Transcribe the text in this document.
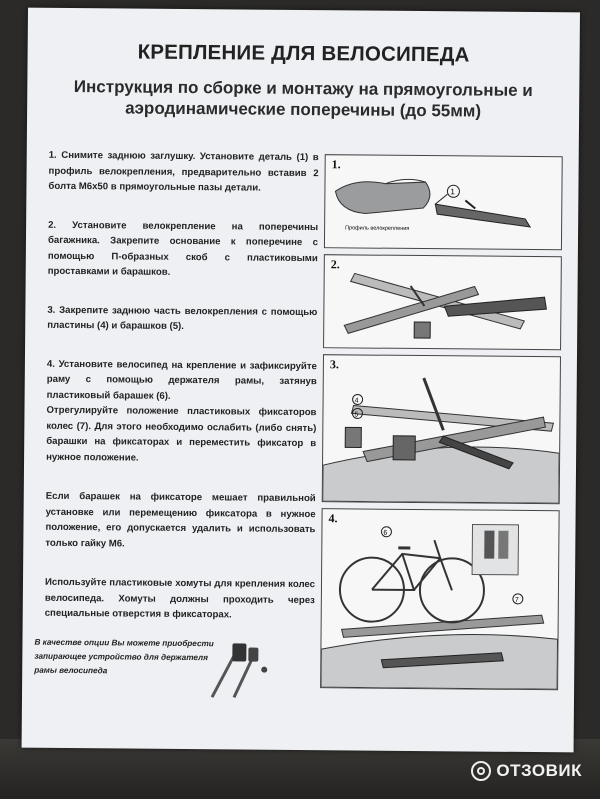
КРЕПЛЕНИЕ ДЛЯ ВЕЛОСИПЕДА
Инструкция по сборке и монтажу на прямоугольные и аэродинамические поперечины (до 55мм)

1. Снимите заднюю заглушку. Установите деталь (1) в профиль велокрепления, предварительно вставив 2 болта М6х50 в прямоугольные пазы детали.

2. Установите велокрепление на поперечины багажника. Закрепите основание к поперечине с помощью П-образных скоб с пластиковыми проставками и барашков.

3. Закрепите заднюю часть велокрепления с помощью пластины (4) и барашков (5).

4. Установите велосипед на крепление и зафиксируйте раму с помощью держателя рамы, затянув пластиковый барашек (6).

Отрегулируйте положение пластиковых фиксаторов колес (7). Для этого необходимо ослабить (либо снять) барашки на фиксаторах и переместить фиксатор в нужное положение.

Если барашек на фиксаторе мешает правильной установке или перемещению фиксатора в нужное положение, его допускается удалить и использовать только гайку М6.

Используйте пластиковые хомуты для крепления колес велосипеда. Хомуты должны проходить через специальные отверстия в фиксаторах.

В качестве опции Вы можете приобрести запирающее устройство для держателя рамы велосипеда
1.
Профиль велокрепления
1
2.
3.
4
5
4.
6
7
ОТЗОВИК
